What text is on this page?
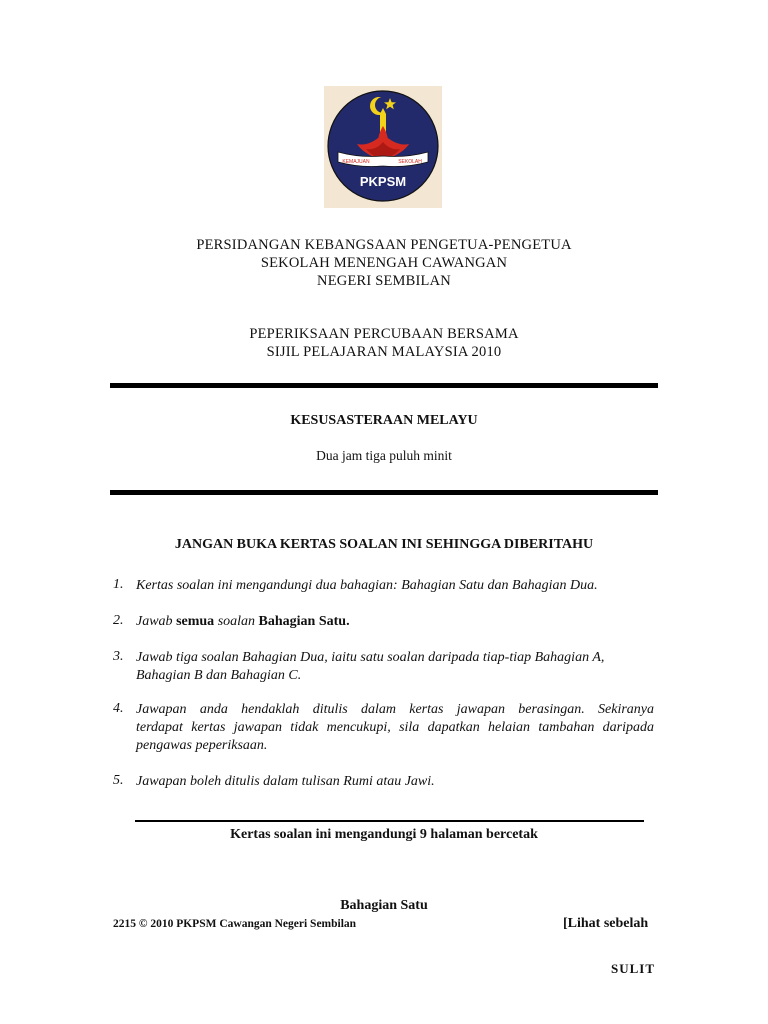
KEMAJUAN	SEKOLAH
PKPSM
PERSIDANGAN KEBANGSAAN PENGETUA-PENGETUA
SEKOLAH MENENGAH CAWANGAN
NEGERI SEMBILAN
PEPERIKSAAN PERCUBAAN BERSAMA
SIJIL PELAJARAN MALAYSIA 2010
KESUSASTERAAN MELAYU
Dua jam tiga puluh minit
JANGAN BUKA KERTAS SOALAN INI SEHINGGA DIBERITAHU
1. Kertas soalan ini mengandungi dua bahagian: Bahagian Satu dan Bahagian Dua.
2. Jawab semua soalan Bahagian Satu.
3. Jawab tiga soalan Bahagian Dua, iaitu satu soalan daripada tiap-tiap Bahagian A,
Bahagian B dan Bahagian C.
4. Jawapan anda hendaklah ditulis dalam kertas jawapan berasingan. Sekiranya
terdapat kertas jawapan tidak mencukupi, sila dapatkan helaian tambahan daripada
pengawas peperiksaan.
5. Jawapan boleh ditulis dalam tulisan Rumi atau Jawi.
Kertas soalan ini mengandungi 9 halaman bercetak
Bahagian Satu
2215 © 2010 PKPSM Cawangan Negeri Sembilan	[Lihat sebelah
SULIT
